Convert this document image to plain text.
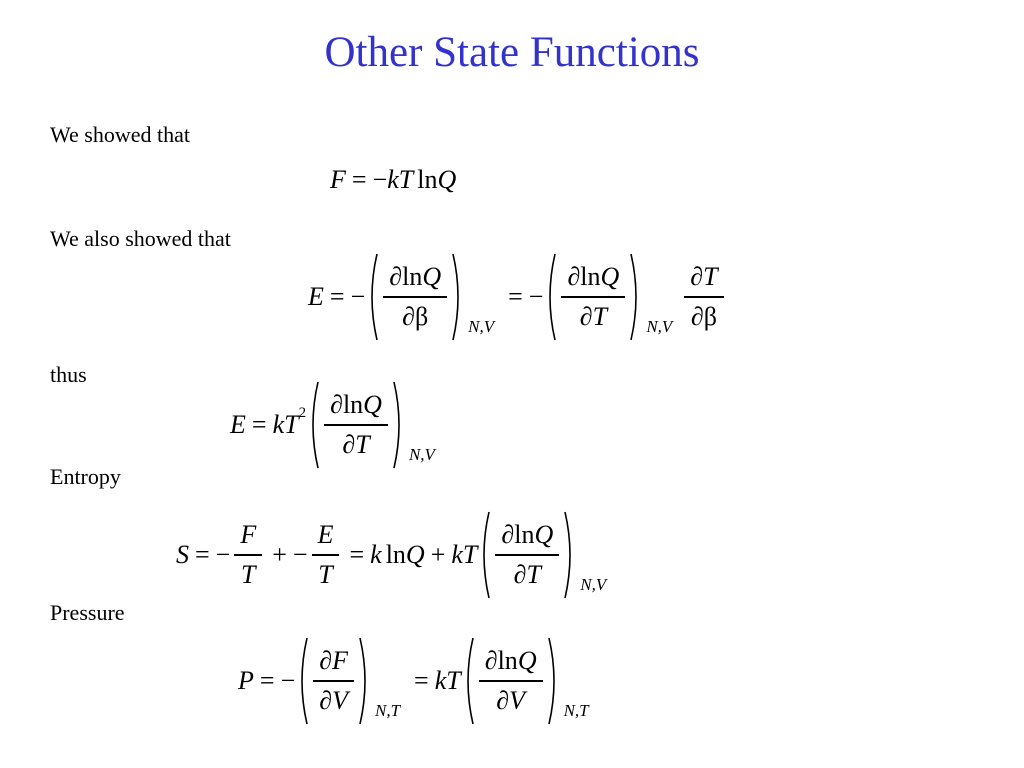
Other State Functions
We showed that
We also showed that
thus
Entropy
Pressure
F = − k T ln Q
E = − $\frac{\partial\ln Q}{\partial\beta} N,V$
= − $\frac{\partial\ln Q}{\partial T} N,V \frac{\partial T}{\partial\beta}$
E = k T $2 \frac{\partial\ln Q}{\partial T} N,V$
S = − $\frac{F}{T}$ + − $\frac{E}{T} = k$ ln Q + k T $\frac{\partial\ln Q}{\partial T} N,V$
P = − $\frac{\partial F}{\partial V} N,T$
= k T $\frac{\partial\ln Q}{\partial V} N,T$
